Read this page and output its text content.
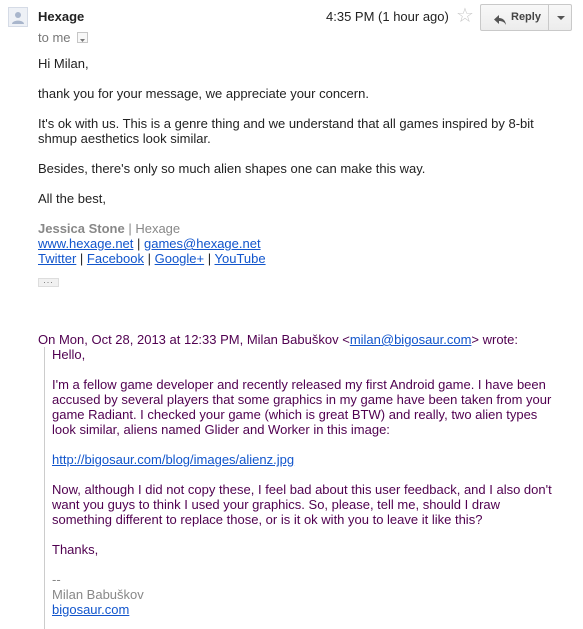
Hexage
to me
4:35 PM (1 hour ago) ☆	Reply

Hi Milan,

thank you for your message, we appreciate your concern.

It's ok with us. This is a genre thing and we understand that all games inspired by 8-bit shmup aesthetics look similar.

Besides, there's only so much alien shapes one can make this way.

All the best,

Jessica Stone | Hexage
www.hexage.net | games@hexage.net
Twitter | Facebook | Google+ | YouTube
...
On Mon, Oct 28, 2013 at 12:33 PM, Milan Babuškov <milan@bigosaur.com> wrote:

Hello,

I'm a fellow game developer and recently released my first Android game. I have been accused by several players that some graphics in my game have been taken from your game Radiant. I checked your game (which is great BTW) and really, two alien types look similar, aliens named Glider and Worker in this image:

http://bigosaur.com/blog/images/alienz.jpg

Now, although I did not copy these, I feel bad about this user feedback, and I also don't want you guys to think I used your graphics. So, please, tell me, should I draw something different to replace those, or is it ok with you to leave it like this?

Thanks,

--
Milan Babuškov
bigosaur.com
